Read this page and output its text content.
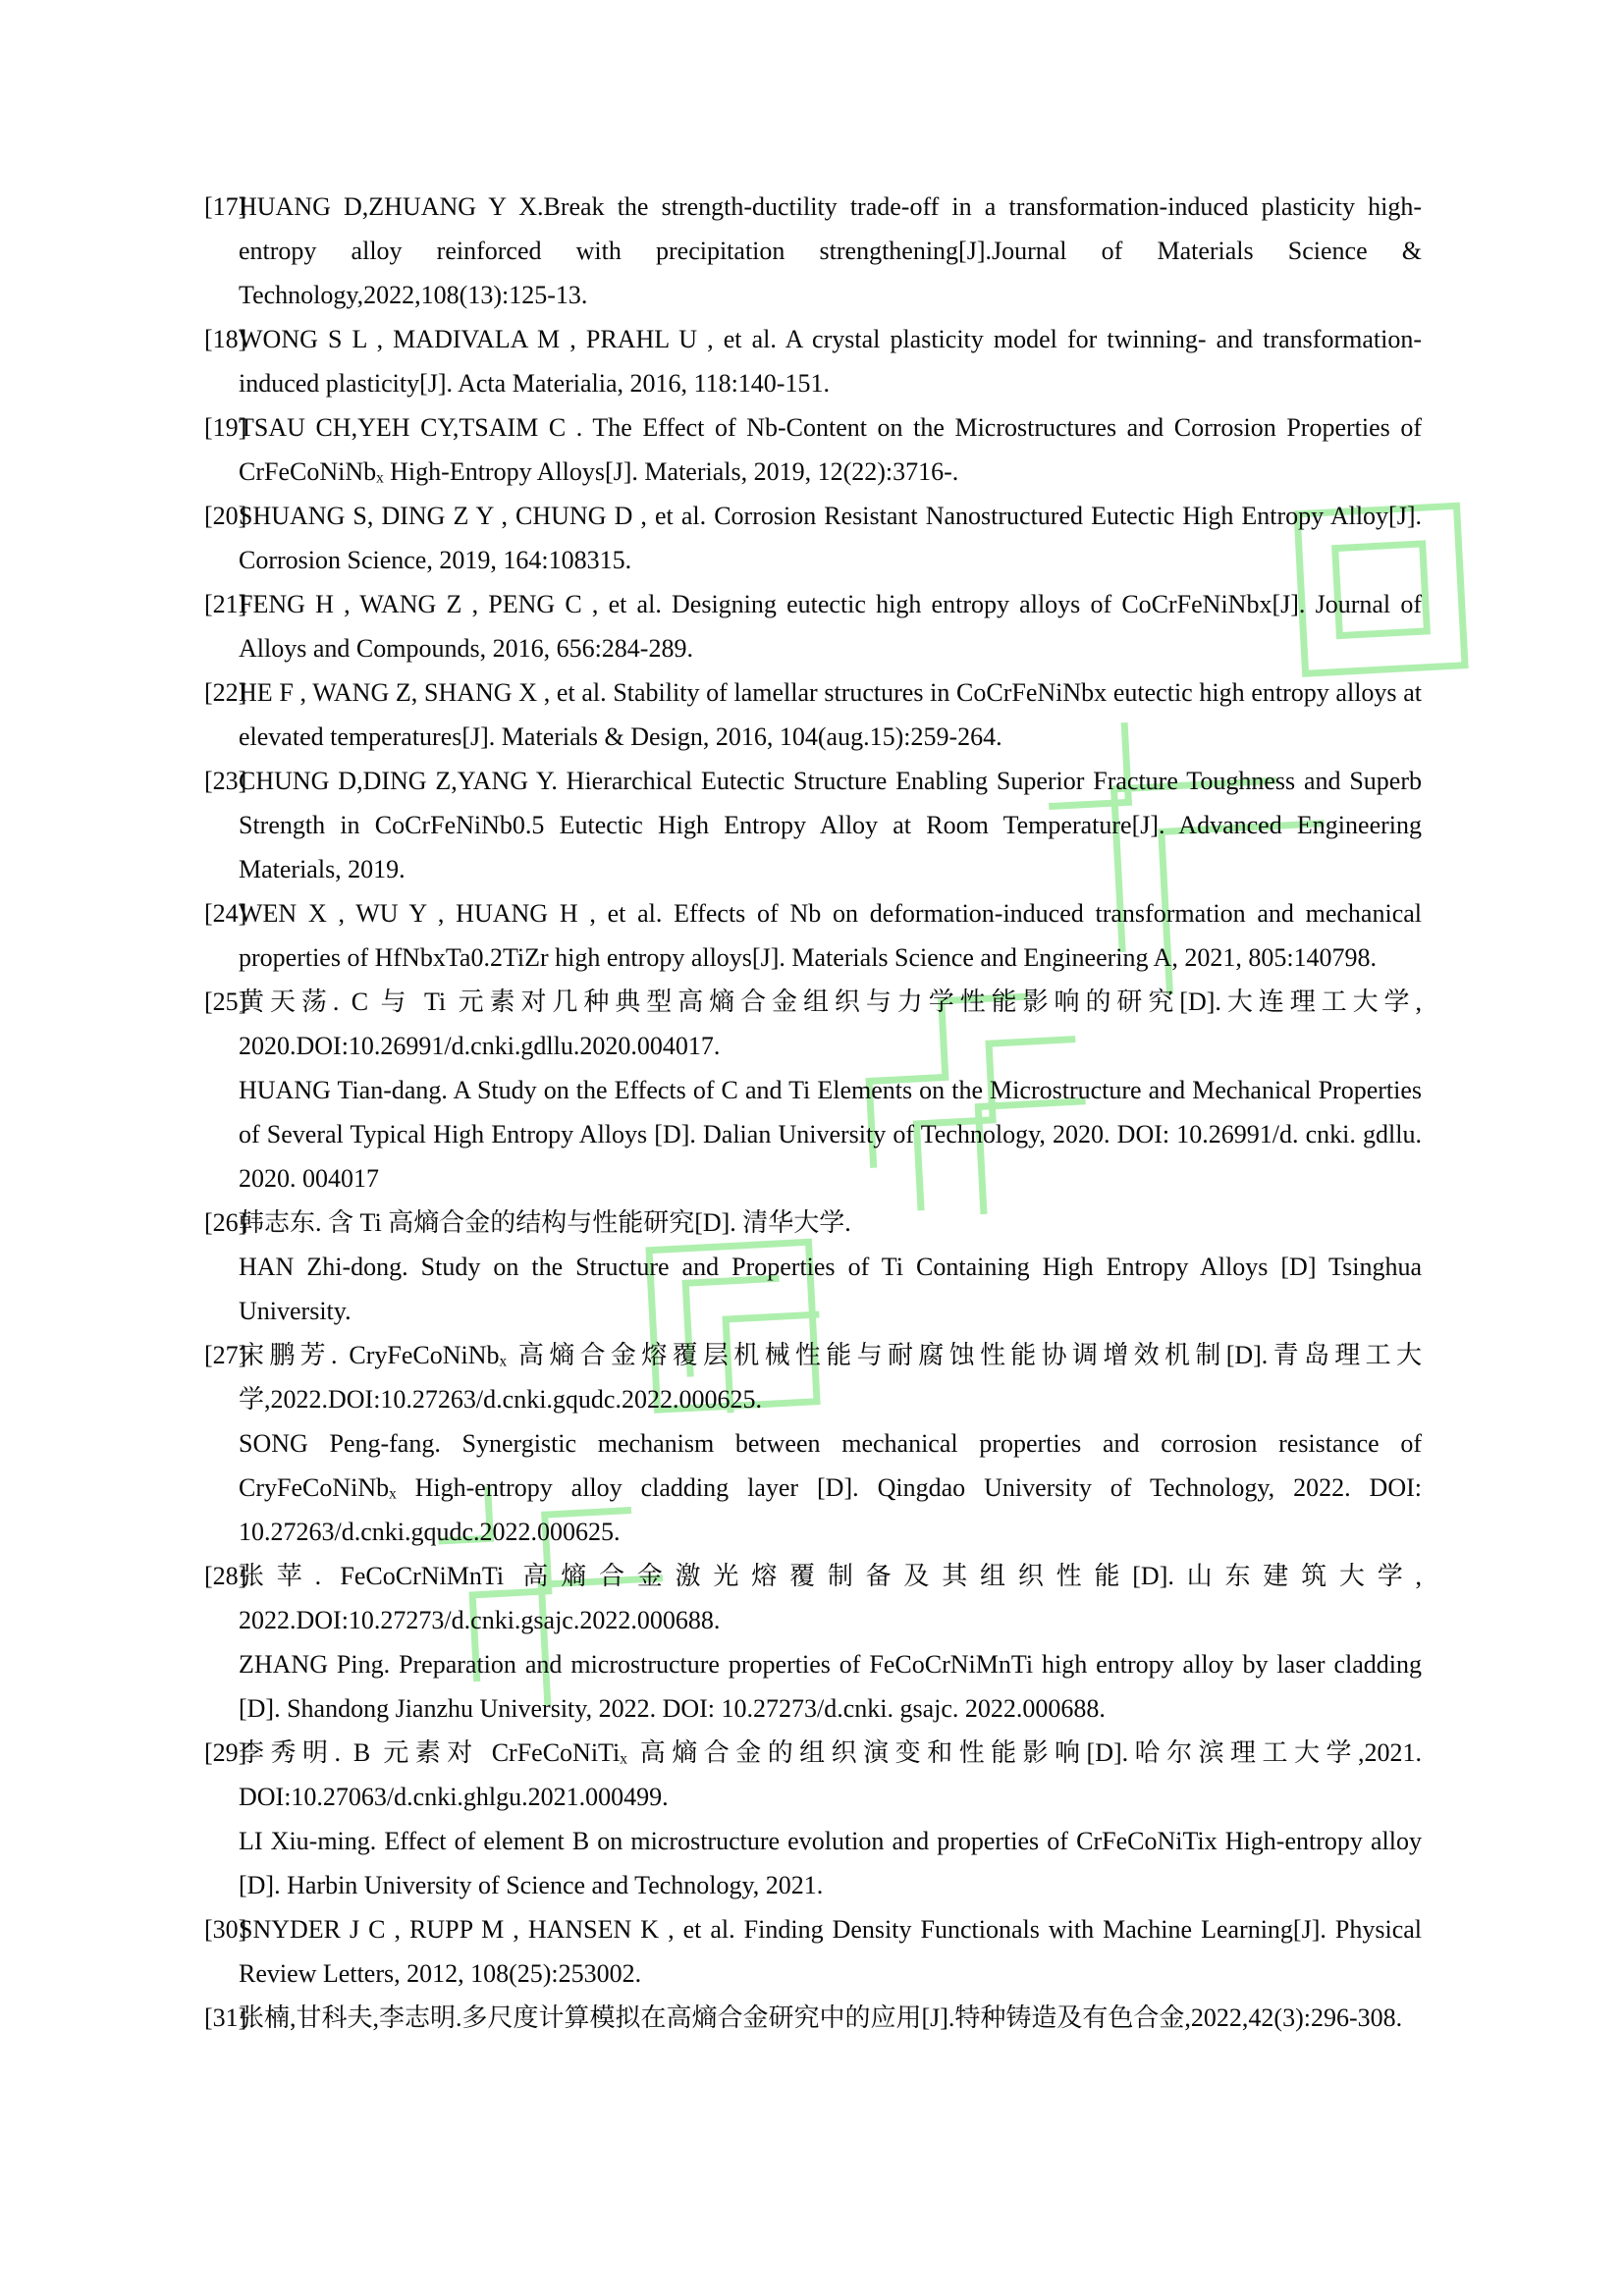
[17]

HUANG D,ZHUANG Y X.Break the strength-ductility trade-off in a transformation-induced plasticity high-entropy alloy reinforced with precipitation strengthening[J].Journal of Materials Science & Technology,2022,108(13):125-13.

[18]

WONG S L , MADIVALA M , PRAHL U , et al. A crystal plasticity model for twinning- and transformation-induced plasticity[J]. Acta Materialia, 2016, 118:140-151.

[19]

TSAU CH,YEH CY,TSAIM C . The Effect of Nb-Content on the Microstructures and Corrosion Properties of CrFeCoNiNbₓ High-Entropy Alloys[J]. Materials, 2019, 12(22):3716-.

[20]

SHUANG S, DING Z Y , CHUNG D , et al. Corrosion Resistant Nanostructured Eutectic High Entropy Alloy[J]. Corrosion Science, 2019, 164:108315.

[21]

FENG H , WANG Z , PENG C , et al. Designing eutectic high entropy alloys of CoCrFeNiNbx[J]. Journal of Alloys and Compounds, 2016, 656:284-289.

[22]

HE F , WANG Z, SHANG X , et al. Stability of lamellar structures in CoCrFeNiNbx eutectic high entropy alloys at elevated temperatures[J]. Materials & Design, 2016, 104(aug.15):259-264.

[23]

CHUNG D,DING Z,YANG Y. Hierarchical Eutectic Structure Enabling Superior Fracture Toughness and Superb Strength in CoCrFeNiNb0.5 Eutectic High Entropy Alloy at Room Temperature[J]. Advanced Engineering Materials, 2019.

[24]

WEN X , WU Y , HUANG H , et al. Effects of Nb on deformation-induced transformation and mechanical properties of HfNbxTa0.2TiZr high entropy alloys[J]. Materials Science and Engineering A, 2021, 805:140798.

[25]

黄天荡. C 与 Ti 元素对几种典型高熵合金组织与力学性能影响的研究[D].大连理工大学, 2020.DOI:10.26991/d.cnki.gdllu.2020.004017.

HUANG Tian-dang. A Study on the Effects of C and Ti Elements on the Microstructure and Mechanical Properties of Several Typical High Entropy Alloys [D]. Dalian University of Technology, 2020. DOI: 10.26991/d. cnki. gdllu. 2020. 004017

[26]

韩志东. 含 Ti 高熵合金的结构与性能研究[D]. 清华大学.

HAN Zhi-dong. Study on the Structure and Properties of Ti Containing High Entropy Alloys [D] Tsinghua University.

[27]

宋鹏芳. CryFeCoNiNbₓ 高熵合金熔覆层机械性能与耐腐蚀性能协调增效机制[D].青岛理工大学,2022.DOI:10.27263/d.cnki.gqudc.2022.000625.

SONG Peng-fang. Synergistic mechanism between mechanical properties and corrosion resistance of CryFeCoNiNbₓ High-entropy alloy cladding layer [D]. Qingdao University of Technology, 2022. DOI: 10.27263/d.cnki.gqudc.2022.000625.

[28]

张苹. FeCoCrNiMnTi 高熵合金激光熔覆制备及其组织性能[D].山东建筑大学, 2022.DOI:10.27273/d.cnki.gsajc.2022.000688.

ZHANG Ping. Preparation and microstructure properties of FeCoCrNiMnTi high entropy alloy by laser cladding [D]. Shandong Jianzhu University, 2022. DOI: 10.27273/d.cnki. gsajc. 2022.000688.

[29]

李秀明. B 元素对 CrFeCoNiTiₓ 高熵合金的组织演变和性能影响[D].哈尔滨理工大学,2021. DOI:10.27063/d.cnki.ghlgu.2021.000499.

LI Xiu-ming. Effect of element B on microstructure evolution and properties of CrFeCoNiTix High-entropy alloy [D]. Harbin University of Science and Technology, 2021.

[30]

SNYDER J C , RUPP M , HANSEN K , et al. Finding Density Functionals with Machine Learning[J]. Physical Review Letters, 2012, 108(25):253002.

[31]

张楠,甘科夫,李志明.多尺度计算模拟在高熵合金研究中的应用[J].特种铸造及有色合金,2022,42(3):296-308.
